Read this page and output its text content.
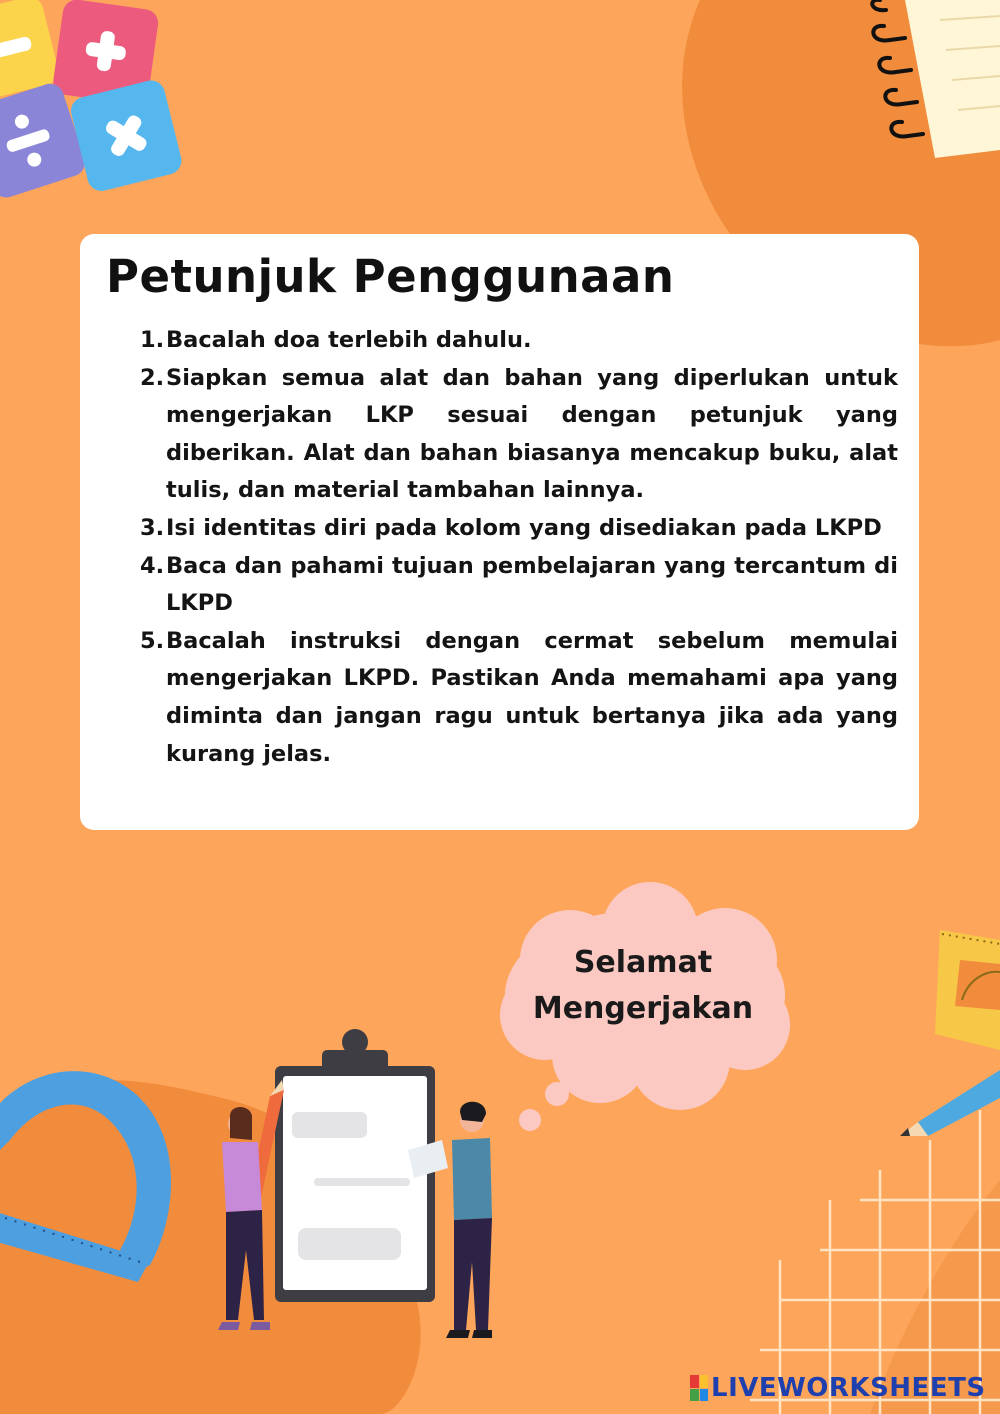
Petunjuk Penggunaan
1. Bacalah doa terlebih dahulu.
2. Siapkan semua alat dan bahan yang diperlukan untuk mengerjakan LKP sesuai dengan petunjuk yang diberikan. Alat dan bahan biasanya mencakup buku, alat tulis, dan material tambahan lainnya.
3. Isi identitas diri pada kolom yang disediakan pada LKPD
4. Baca dan pahami tujuan pembelajaran yang tercantum di LKPD
5. Bacalah instruksi dengan cermat sebelum memulai mengerjakan LKPD. Pastikan Anda memahami apa yang diminta dan jangan ragu untuk bertanya jika ada yang kurang jelas.
Selamat
Mengerjakan
LIVEWORKSHEETS
